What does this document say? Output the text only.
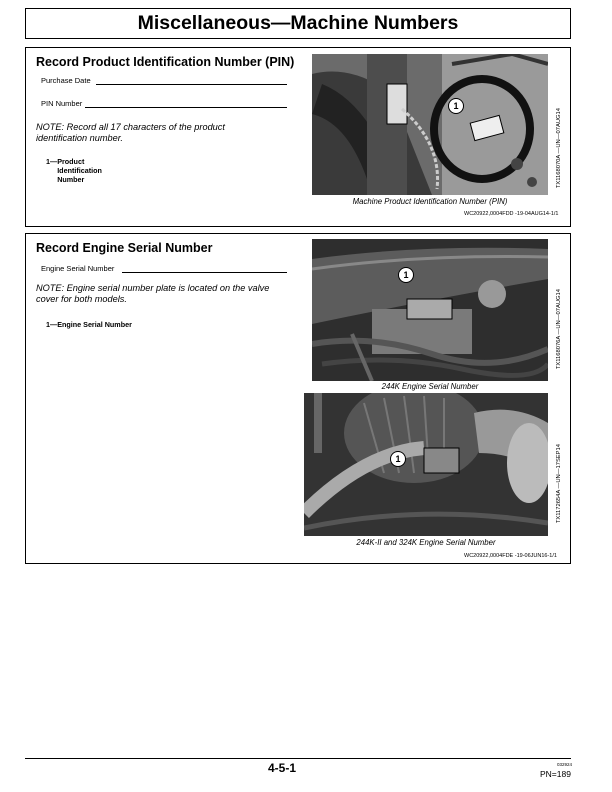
Miscellaneous—Machine Numbers
Record Product Identification Number (PIN)
Purchase Date
PIN Number
NOTE: Record all 17 characters of the product identification number.
1—Product Identification Number
1
TX1168070A —UN—07AUG14
Machine Product Identification Number (PIN)
WC20922,0004FDD -19-04AUG14-1/1
Record Engine Serial Number
Engine Serial Number
NOTE: Engine serial number plate is located on the valve cover for both models.
1—Engine Serial Number
1
TX1168076A —UN—07AUG14
244K Engine Serial Number
1	TX1172654A —UN—17SEP14
244K-II and 324K Engine Serial Number
WC20922,0004FDE -19-06JUN16-1/1
4-5-1	032924
PN=189
